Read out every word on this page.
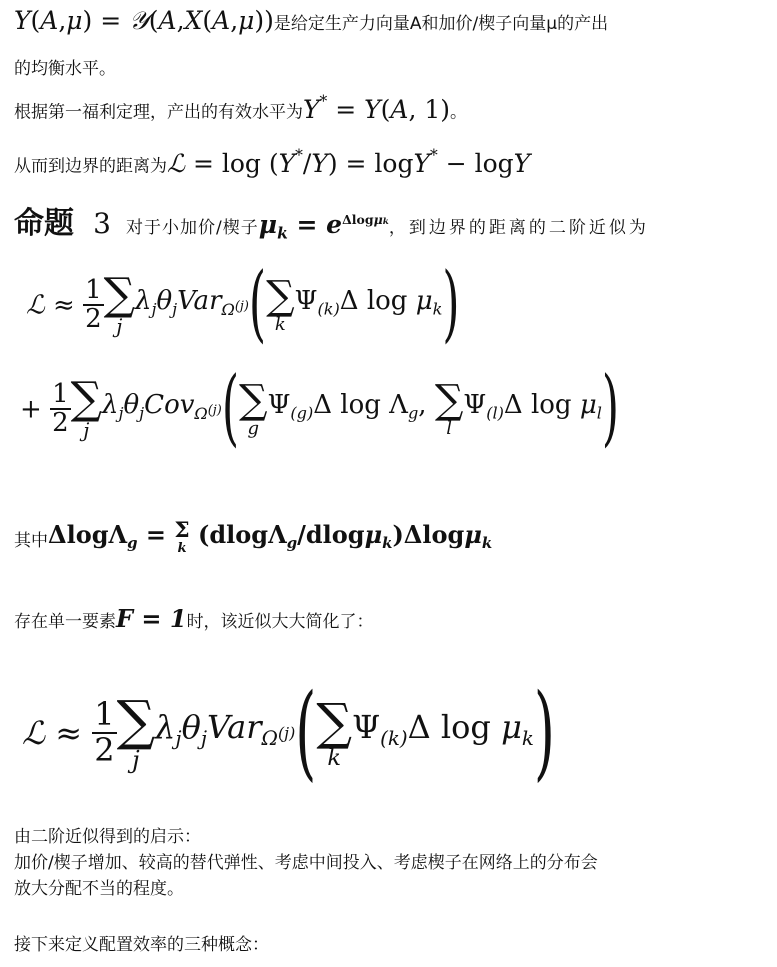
Y(A,μ) = 𝒴(A,X(A,μ))是给定生产力向量A和加价/楔子向量μ的产出
的均衡水平。
根据第一福利定理，产出的有效水平为Y* = Y(A, 1)。
从而到边界的距离为ℒ = log (Y*/Y) = logY* − logY
命题 3 对于小加价/楔子$\mu_k = e^{\Delta log\mu k}$，到边界的距离的二阶近似为
ℒ ≈ $\frac{1}{2}$ ∑
j
$\lambda_j\theta_jVar_{\Omega^{(j)}}$( ∑
k
$\Psi_{(k)}\Delta$ $\log \mu_k$)
+ $\frac{1}{2}$ ∑
j
$\lambda_j\theta_jCov_{\Omega^{(j)}}$( ∑
g
$\Psi_{(g)}\Delta$ $\log \Lambda_g$, ∑
l
$\Psi_{(l)}\Delta$ $\log \mu_l$)
其中ΔlogΛ$_g$ = Σ
k (dlogΛ$_g$/dlogμ$_k$)Δlogμ$_k$
存在单一要素F = 1时，该近似大大简化了：
ℒ ≈ $\frac{1}{2}$ ∑
j
$\lambda_j\theta_jVar_{\Omega^{(j)}}$( ∑
k
$\Psi_{(k)}\Delta$ $\log \mu_k$)
由二阶近似得到的启示：
加价/楔子增加、较高的替代弹性、考虑中间投入、考虑楔子在网络上的分布会
放大分配不当的程度。
接下来定义配置效率的三种概念：
